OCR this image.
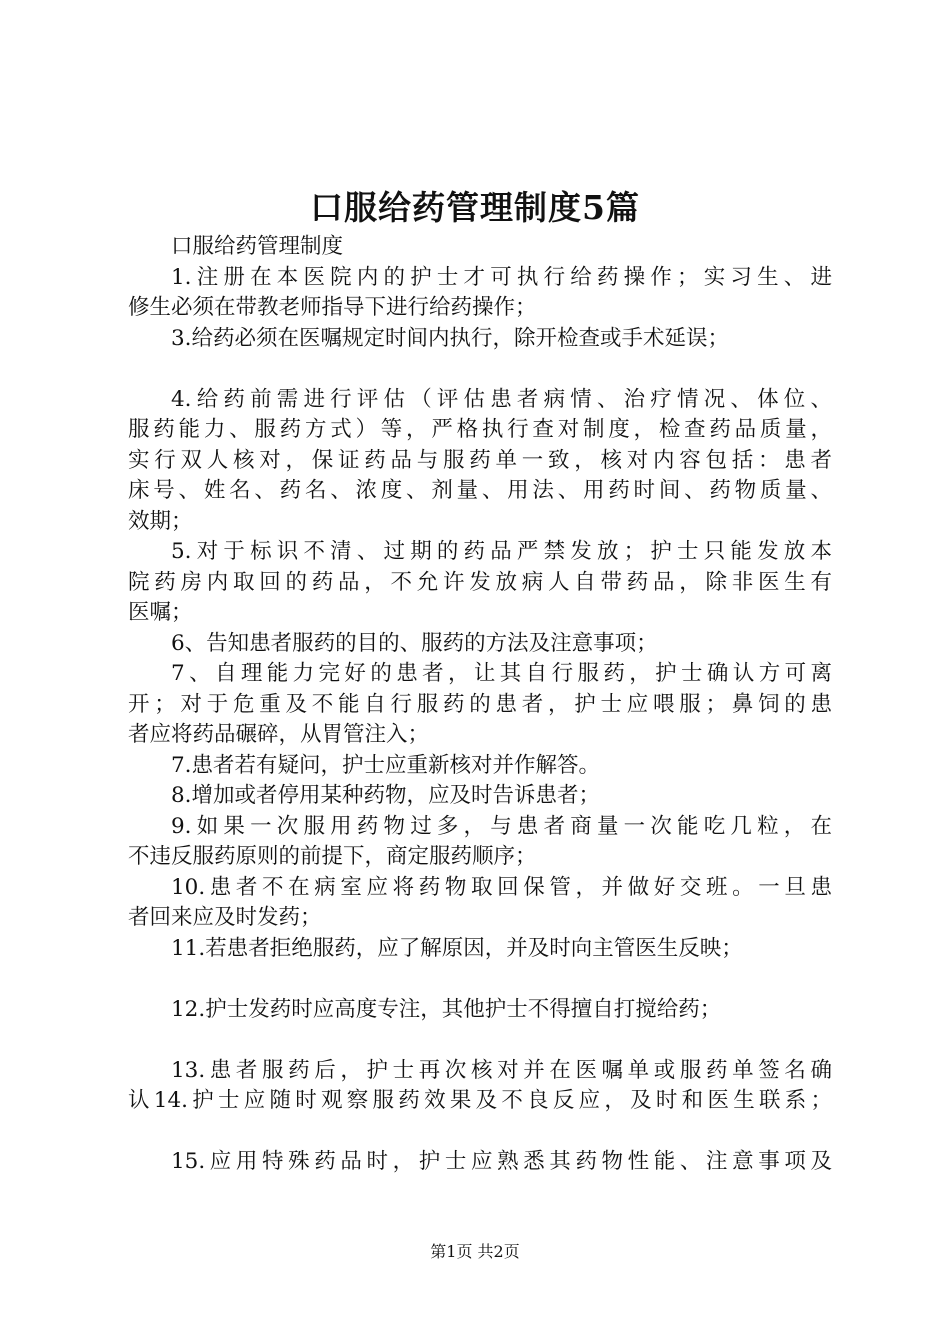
口服给药管理制度5篇
口服给药管理制度
1.注册在本医院内的护士才可执行给药操作；实习生、进
修生必须在带教老师指导下进行给药操作；
3.给药必须在医嘱规定时间内执行，除开检查或手术延误；
4.给药前需进行评估（评估患者病情、治疗情况、体位、
服药能力、服药方式）等，严格执行查对制度，检查药品质量，
实行双人核对，保证药品与服药单一致，核对内容包括：患者
床号、姓名、药名、浓度、剂量、用法、用药时间、药物质量、
效期；
5.对于标识不清、过期的药品严禁发放；护士只能发放本
院药房内取回的药品，不允许发放病人自带药品，除非医生有
医嘱；
6、告知患者服药的目的、服药的方法及注意事项；
7、自理能力完好的患者，让其自行服药，护士确认方可离
开；对于危重及不能自行服药的患者，护士应喂服；鼻饲的患
者应将药品碾碎，从胃管注入；
7.患者若有疑问，护士应重新核对并作解答。
8.增加或者停用某种药物，应及时告诉患者；
9.如果一次服用药物过多，与患者商量一次能吃几粒，在
不违反服药原则的前提下，商定服药顺序；
10.患者不在病室应将药物取回保管，并做好交班。一旦患
者回来应及时发药；
11.若患者拒绝服药，应了解原因，并及时向主管医生反映；
12.护士发药时应高度专注，其他护士不得擅自打搅给药；
13.患者服药后，护士再次核对并在医嘱单或服药单签名确
认14.护士应随时观察服药效果及不良反应，及时和医生联系；
15.应用特殊药品时，护士应熟悉其药物性能、注意事项及
第1页 共2页
